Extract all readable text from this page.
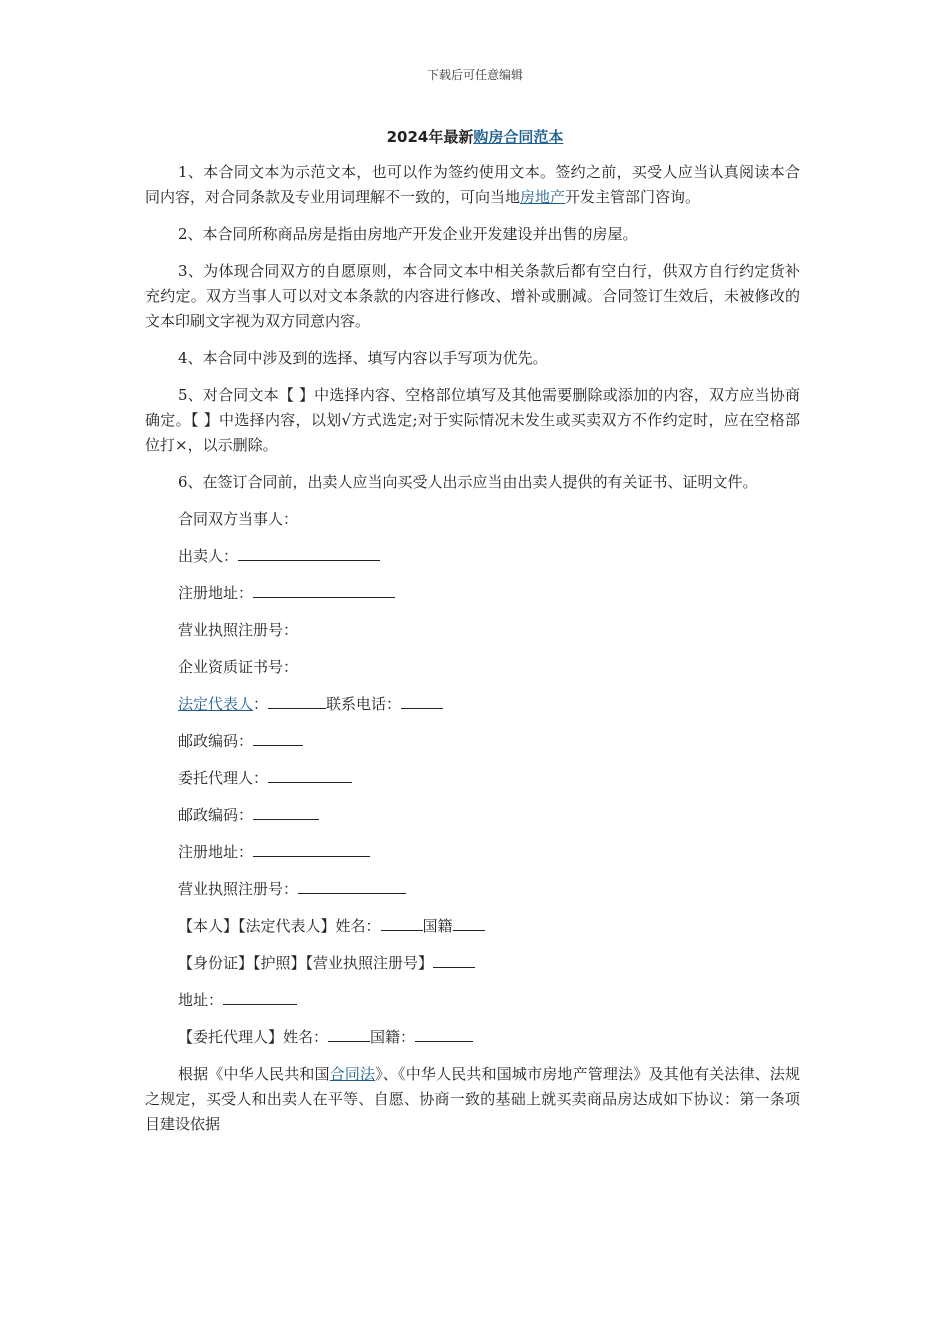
下载后可任意编辑
2024年最新购房合同范本

1、本合同文本为示范文本，也可以作为签约使用文本。签约之前，买受人应当认真阅读本合同内容，对合同条款及专业用词理解不一致的，可向当地房地产开发主管部门咨询。

2、本合同所称商品房是指由房地产开发企业开发建设并出售的房屋。

3、为体现合同双方的自愿原则，本合同文本中相关条款后都有空白行，供双方自行约定货补充约定。双方当事人可以对文本条款的内容进行修改、增补或删减。合同签订生效后，未被修改的文本印刷文字视为双方同意内容。

4、本合同中涉及到的选择、填写内容以手写项为优先。

5、对合同文本【 】中选择内容、空格部位填写及其他需要删除或添加的内容，双方应当协商确定。【 】中选择内容，以划√方式选定;对于实际情况未发生或买卖双方不作约定时，应在空格部位打×，以示删除。

6、在签订合同前，出卖人应当向买受人出示应当由出卖人提供的有关证书、证明文件。

合同双方当事人：
出卖人：
注册地址：
营业执照注册号：
企业资质证书号：
法定代表人：	联系电话：
邮政编码：
委托代理人：
邮政编码：
注册地址：
营业执照注册号：
【本人】【法定代表人】姓名：	国籍
【身份证】【护照】【营业执照注册号】
地址：
【委托代理人】姓名：	国籍：

根据《中华人民共和国合同法》、《中华人民共和国城市房地产管理法》及其他有关法律、法规之规定，买受人和出卖人在平等、自愿、协商一致的基础上就买卖商品房达成如下协议：第一条项目建设依据
